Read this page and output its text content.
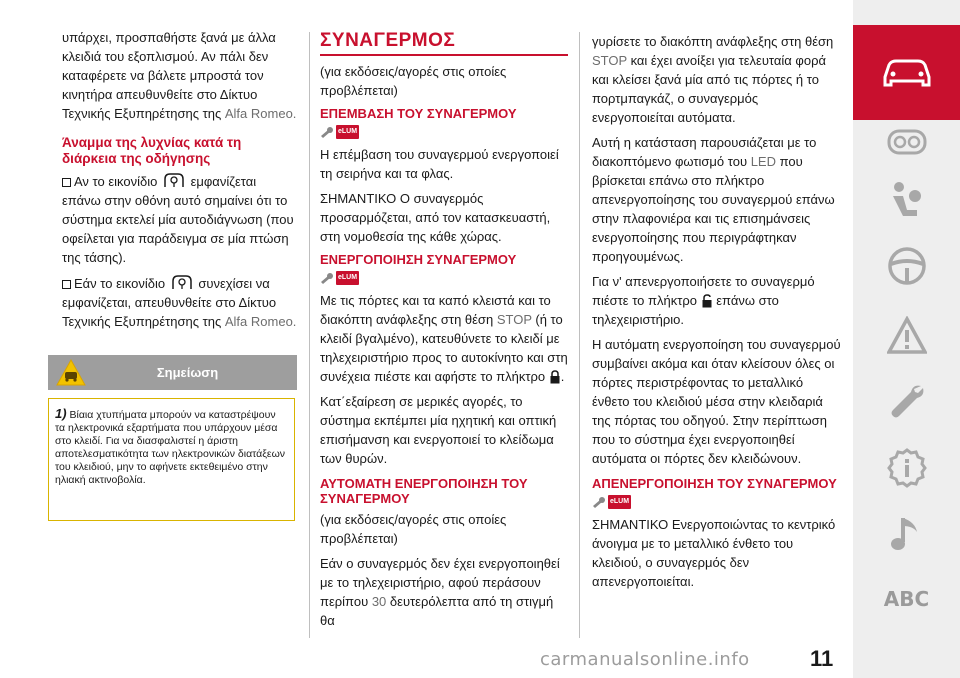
υπάρχει, προσπαθήστε ξανά με άλλα κλειδιά του εξοπλισμού. Αν πάλι δεν καταφέρετε να βάλετε μπροστά τον κινητήρα απευθυνθείτε στο Δίκτυο Τεχνικής Εξυπηρέτησης της Alfa Romeo.

Άναμμα της λυχνίας κατά τη διάρκεια της οδήγησης

Αν το εικονίδιο	εμφανίζεται επάνω στην οθόνη αυτό σημαίνει ότι το σύστημα εκτελεί μία αυτοδιάγνωση (που οφείλεται για παράδειγμα σε μία πτώση της τάσης).

Εάν το εικονίδιο	συνεχίσει να εμφανίζεται, απευθυνθείτε στο Δίκτυο Τεχνικής Εξυπηρέτησης της Alfa Romeo.

Σημείωση

1) Βίαια χτυπήματα μπορούν να καταστρέψουν τα ηλεκτρονικά εξαρτήματα που υπάρχουν μέσα στο κλειδί. Για να διασφαλιστεί η άριστη αποτελεσματικότητα των ηλεκτρονικών διατάξεων του κλειδιού, μην το αφήνετε εκτεθειμένο στην ηλιακή ακτινοβολία.

ΣΥΝΑΓΕΡΜΟΣ

(για εκδόσεις/αγορές στις οποίες προβλέπεται)

ΕΠΕΜΒΑΣΗ ΤΟΥ ΣΥΝΑΓΕΡΜΟΥ

eLUM

Η επέμβαση του συναγερμού ενεργοποιεί τη σειρήνα και τα φλας.

ΣΗΜΑΝΤΙΚΟ Ο συναγερμός προσαρμόζεται, από τον κατασκευαστή, στη νομοθεσία της κάθε χώρας.

ΕΝΕΡΓΟΠΟΙΗΣΗ ΣΥΝΑΓΕΡΜΟΥ

eLUM

Με τις πόρτες και τα καπό κλειστά και το διακόπτη ανάφλεξης στη θέση STOP (ή το κλειδί βγαλμένο), κατευθύνετε το κλειδί με τηλεχειριστήριο προς το αυτοκίνητο και στη συνέχεια πιέστε και αφήστε το πλήκτρο .

Κατ΄εξαίρεση σε μερικές αγορές, το σύστημα εκπέμπει μία ηχητική και οπτική επισήμανση και ενεργοποιεί το κλείδωμα των θυρών.

ΑΥΤΟΜΑΤΗ ΕΝΕΡΓΟΠΟΙΗΣΗ ΤΟΥ ΣΥΝΑΓΕΡΜΟΥ

(για εκδόσεις/αγορές στις οποίες προβλέπεται)

Εάν ο συναγερμός δεν έχει ενεργοποιηθεί με το τηλεχειριστήριο, αφού περάσουν περίπου 30 δευτερόλεπτα από τη στιγμή θα

γυρίσετε το διακόπτη ανάφλεξης στη θέση STOP και έχει ανοίξει για τελευταία φορά και κλείσει ξανά μία από τις πόρτες ή το πορτμπαγκάζ, ο συναγερμός ενεργοποιείται αυτόματα.

Αυτή η κατάσταση παρουσιάζεται με το διακοπτόμενο φωτισμό του LED που βρίσκεται επάνω στο πλήκτρο απενεργοποίησης του συναγερμού επάνω στην πλαφονιέρα και τις επισημάνσεις ενεργοποίησης που περιγράφτηκαν προηγουμένως.

Για ν' απενεργοποιήσετε το συναγερμό πιέστε το πλήκτρο επάνω στο τηλεχειριστήριο.

Η αυτόματη ενεργοποίηση του συναγερμού συμβαίνει ακόμα και όταν κλείσουν όλες οι πόρτες περιστρέφοντας το μεταλλικό ένθετο του κλειδιού μέσα στην κλειδαριά της πόρτας του οδηγού. Στην περίπτωση που το σύστημα έχει ενεργοποιηθεί αυτόματα οι πόρτες δεν κλειδώνουν.

ΑΠΕΝΕΡΓΟΠΟΙΗΣΗ ΤΟΥ ΣΥΝΑΓΕΡΜΟΥ

eLUM

ΣΗΜΑΝΤΙΚΟ Ενεργοποιώντας το κεντρικό άνοιγμα με το μεταλλικό ένθετο του κλειδιού, ο συναγερμός δεν απενεργοποιείται.

ABC
carmanualsonline.info	11
